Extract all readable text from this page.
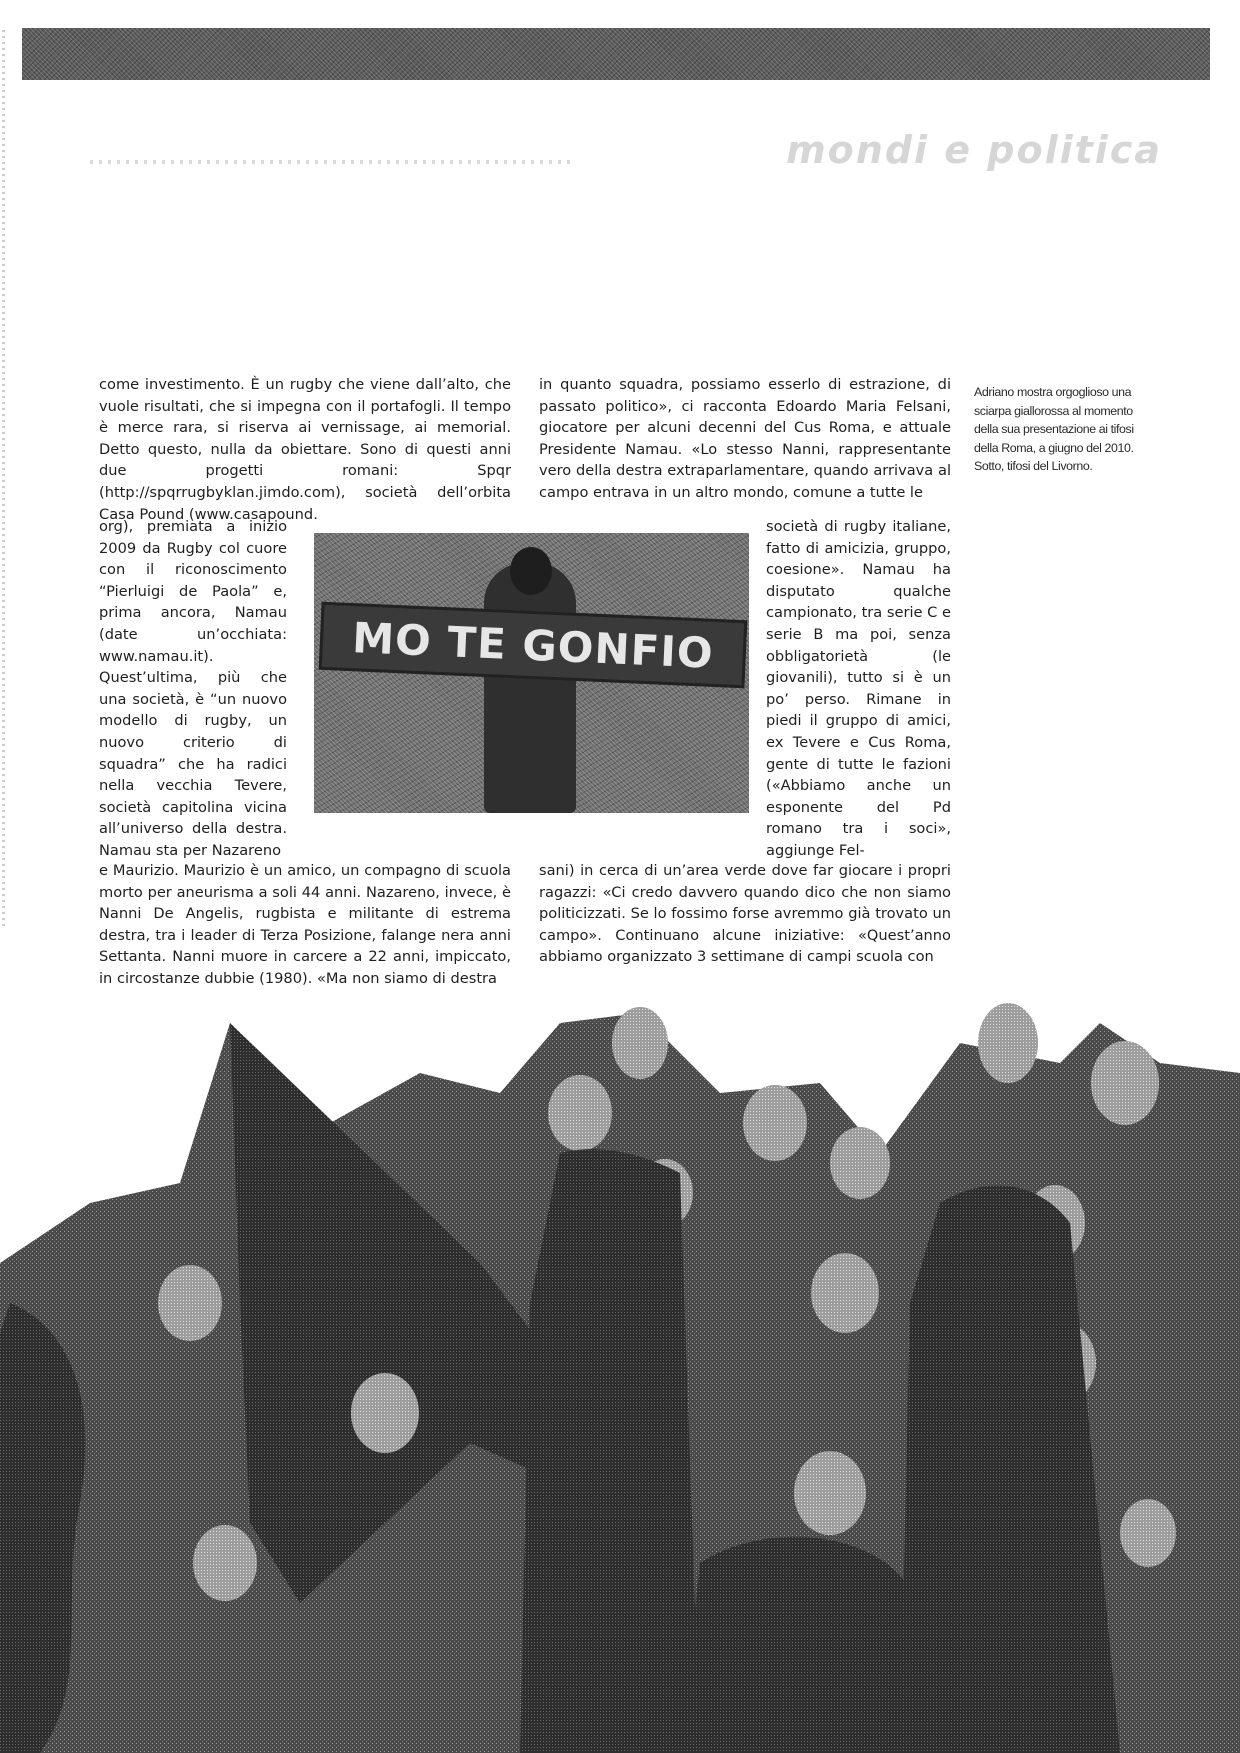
mondi e politica

come investimento. È un rugby che viene dall’alto, che vuole risultati, che si impegna con il portafogli. Il tempo è merce rara, si riserva ai vernissage, ai memorial. Detto questo, nulla da obiettare. Sono di questi anni due progetti romani: Spqr (http://spqrrugbyklan.jimdo.com), società dell’orbita Casa Pound (www.casapound.

org), premiata a inizio 2009 da Rugby col cuore con il riconoscimento “Pierluigi de Paola” e, prima ancora, Namau (date un’occhiata: www.namau.it). Quest’ultima, più che una società, è “un nuovo modello di rugby, un nuovo criterio di squadra” che ha radici nella vecchia Tevere, società capitolina vicina all’universo della destra. Namau sta per Nazareno

e Maurizio. Maurizio è un amico, un compagno di scuola morto per aneurisma a soli 44 anni. Nazareno, invece, è Nanni De Angelis, rugbista e militante di estrema destra, tra i leader di Terza Posizione, falange nera anni Settanta. Nanni muore in carcere a 22 anni, impiccato, in circostanze dubbie (1980). «Ma non siamo di destra

in quanto squadra, possiamo esserlo di estrazione, di passato politico», ci racconta Edoardo Maria Felsani, giocatore per alcuni decenni del Cus Roma, e attuale Presidente Namau. «Lo stesso Nanni, rappresentante vero della destra extraparlamentare, quando arrivava al campo entrava in un altro mondo, comune a tutte le

società di rugby italiane, fatto di amicizia, gruppo, coesione». Namau ha disputato qualche campionato, tra serie C e serie B ma poi, senza obbligatorietà (le giovanili), tutto si è un po’ perso. Rimane in piedi il gruppo di amici, ex Tevere e Cus Roma, gente di tutte le fazioni («Abbiamo anche un esponente del Pd romano tra i soci», aggiunge Fel-

sani) in cerca di un’area verde dove far giocare i propri ragazzi: «Ci credo davvero quando dico che non siamo politicizzati. Se lo fossimo forse avremmo già trovato un campo». Continuano alcune iniziative: «Quest’anno abbiamo organizzato 3 settimane di campi scuola con

Adriano mostra orgoglioso una sciarpa giallorossa al momento della sua presentazione ai tifosi della Roma, a giugno del 2010. Sotto, tifosi del Livorno.
MO TE GONFIO
